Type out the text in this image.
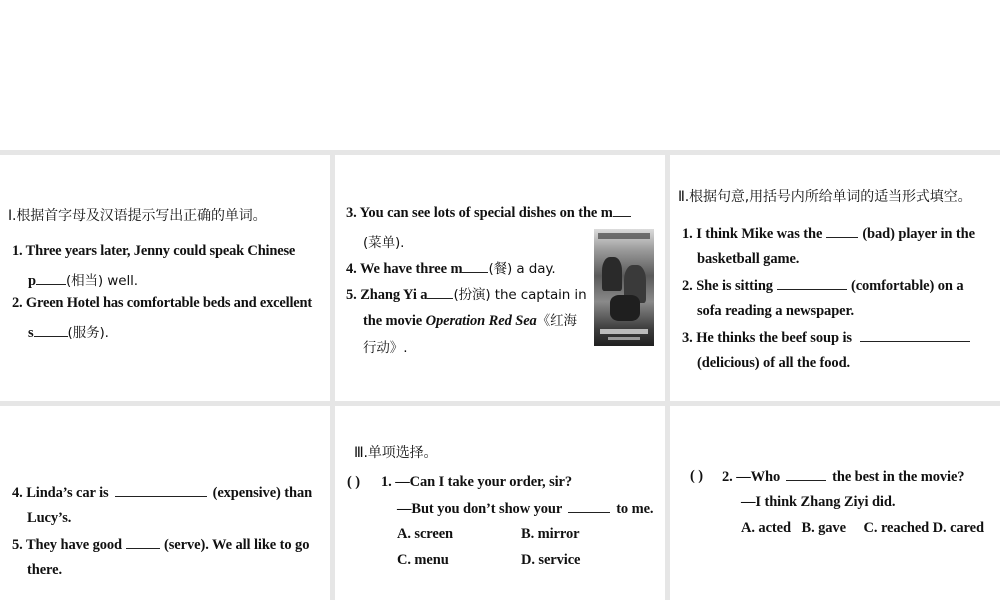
Ⅰ.根据首字母及汉语提示写出正确的单词。
1. Three years later, Jenny could speak Chinese
p (相当) well.
2. Green Hotel has comfortable beds and excellent
s	(服务).
3. You can see lots of special dishes on the m
(菜单).
4. We have three m (餐) a day.
5. Zhang Yi a (扮演) the captain in
the movie Operation Red Sea《红海
行动》.
Ⅱ.根据句意,用括号内所给单词的适当形式填空。
1. I think Mike was the	(bad) player in the
basketball game.
2. She is sitting	(comfortable) on a
sofa reading a newspaper.
3. He thinks the beef soup is
(delicious) of all the food.
4. Linda’s car is	(expensive) than
Lucy’s.
5. They have good	(serve). We all like to go
there.
Ⅲ.单项选择。
( ) 1. —Can I take your order, sir?
—But you don’t show your	to me.
A. screen	B. mirror
C. menu	D. service
( ) 2. —Who	the best in the movie?
—I think Zhang Ziyi did.
A. acted   B. gave     C. reached D. cared
